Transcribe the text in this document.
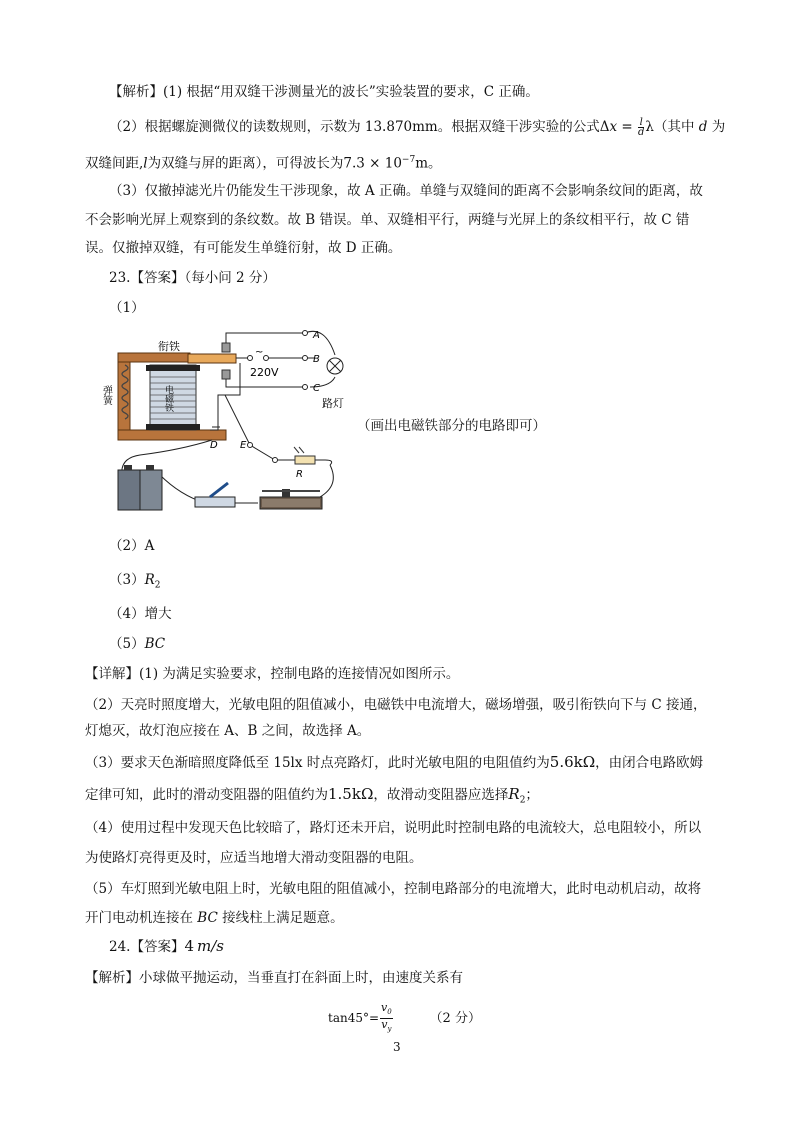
【解析】(1) 根据“用双缝干涉测量光的波长”实验装置的要求，C 正确。
（2）根据螺旋测微仪的读数规则，示数为 13.870mm。根据双缝干涉实验的公式$\Delta x = \frac{l}{d} \lambda$（其中 d 为
双缝间距,l为双缝与屏的距离），可得波长为$7.3 \times 10^{-7}m$。
（3）仅撤掉滤光片仍能发生干涉现象，故 A 正确。单缝与双缝间的距离不会影响条纹间的距离，故
不会影响光屏上观察到的条纹数。故 B 错误。单、双缝相平行，两缝与光屏上的条纹相平行，故 C 错
误。仅撤掉双缝，有可能发生单缝衍射，故 D 正确。
23.【答案】（每小问 2 分）
（1）
衔铁
弹簧	电磁铁
A
B
C
~
220V
路灯
D E
R
（画出电磁铁部分的电路即可）
（2）A
$(3)R_2$
（4）增大
（5）BC
【详解】(1) 为满足实验要求，控制电路的连接情况如图所示。
（2）天亮时照度增大，光敏电阻的阻值减小，电磁铁中电流增大，磁场增强，吸引衔铁向下与 C 接通，
灯熄灭，故灯泡应接在 A、B 之间，故选择 A。
（3）要求天色渐暗照度降低至 15lx 时点亮路灯，此时光敏电阻的电阻值约为5.6kΩ，由闭合电路欧姆
定律可知，此时的滑动变阻器的阻值约为1.5kΩ，故滑动变阻器应选择$R_2$；
（4）使用过程中发现天色比较暗了，路灯还未开启，说明此时控制电路的电流较大，总电阻较小，所以
为使路灯亮得更及时，应适当地增大滑动变阻器的电阻。
（5）车灯照到光敏电阻上时，光敏电阻的阻值减小，控制电路部分的电流增大，此时电动机启动，故将
开门电动机连接在 BC 接线柱上满足题意。
24.【答案】4 m/s
【解析】小球做平抛运动，当垂直打在斜面上时，由速度关系有
$\tan 45^\circ= \frac{v_0}{v_y}$	（2 分）
3
